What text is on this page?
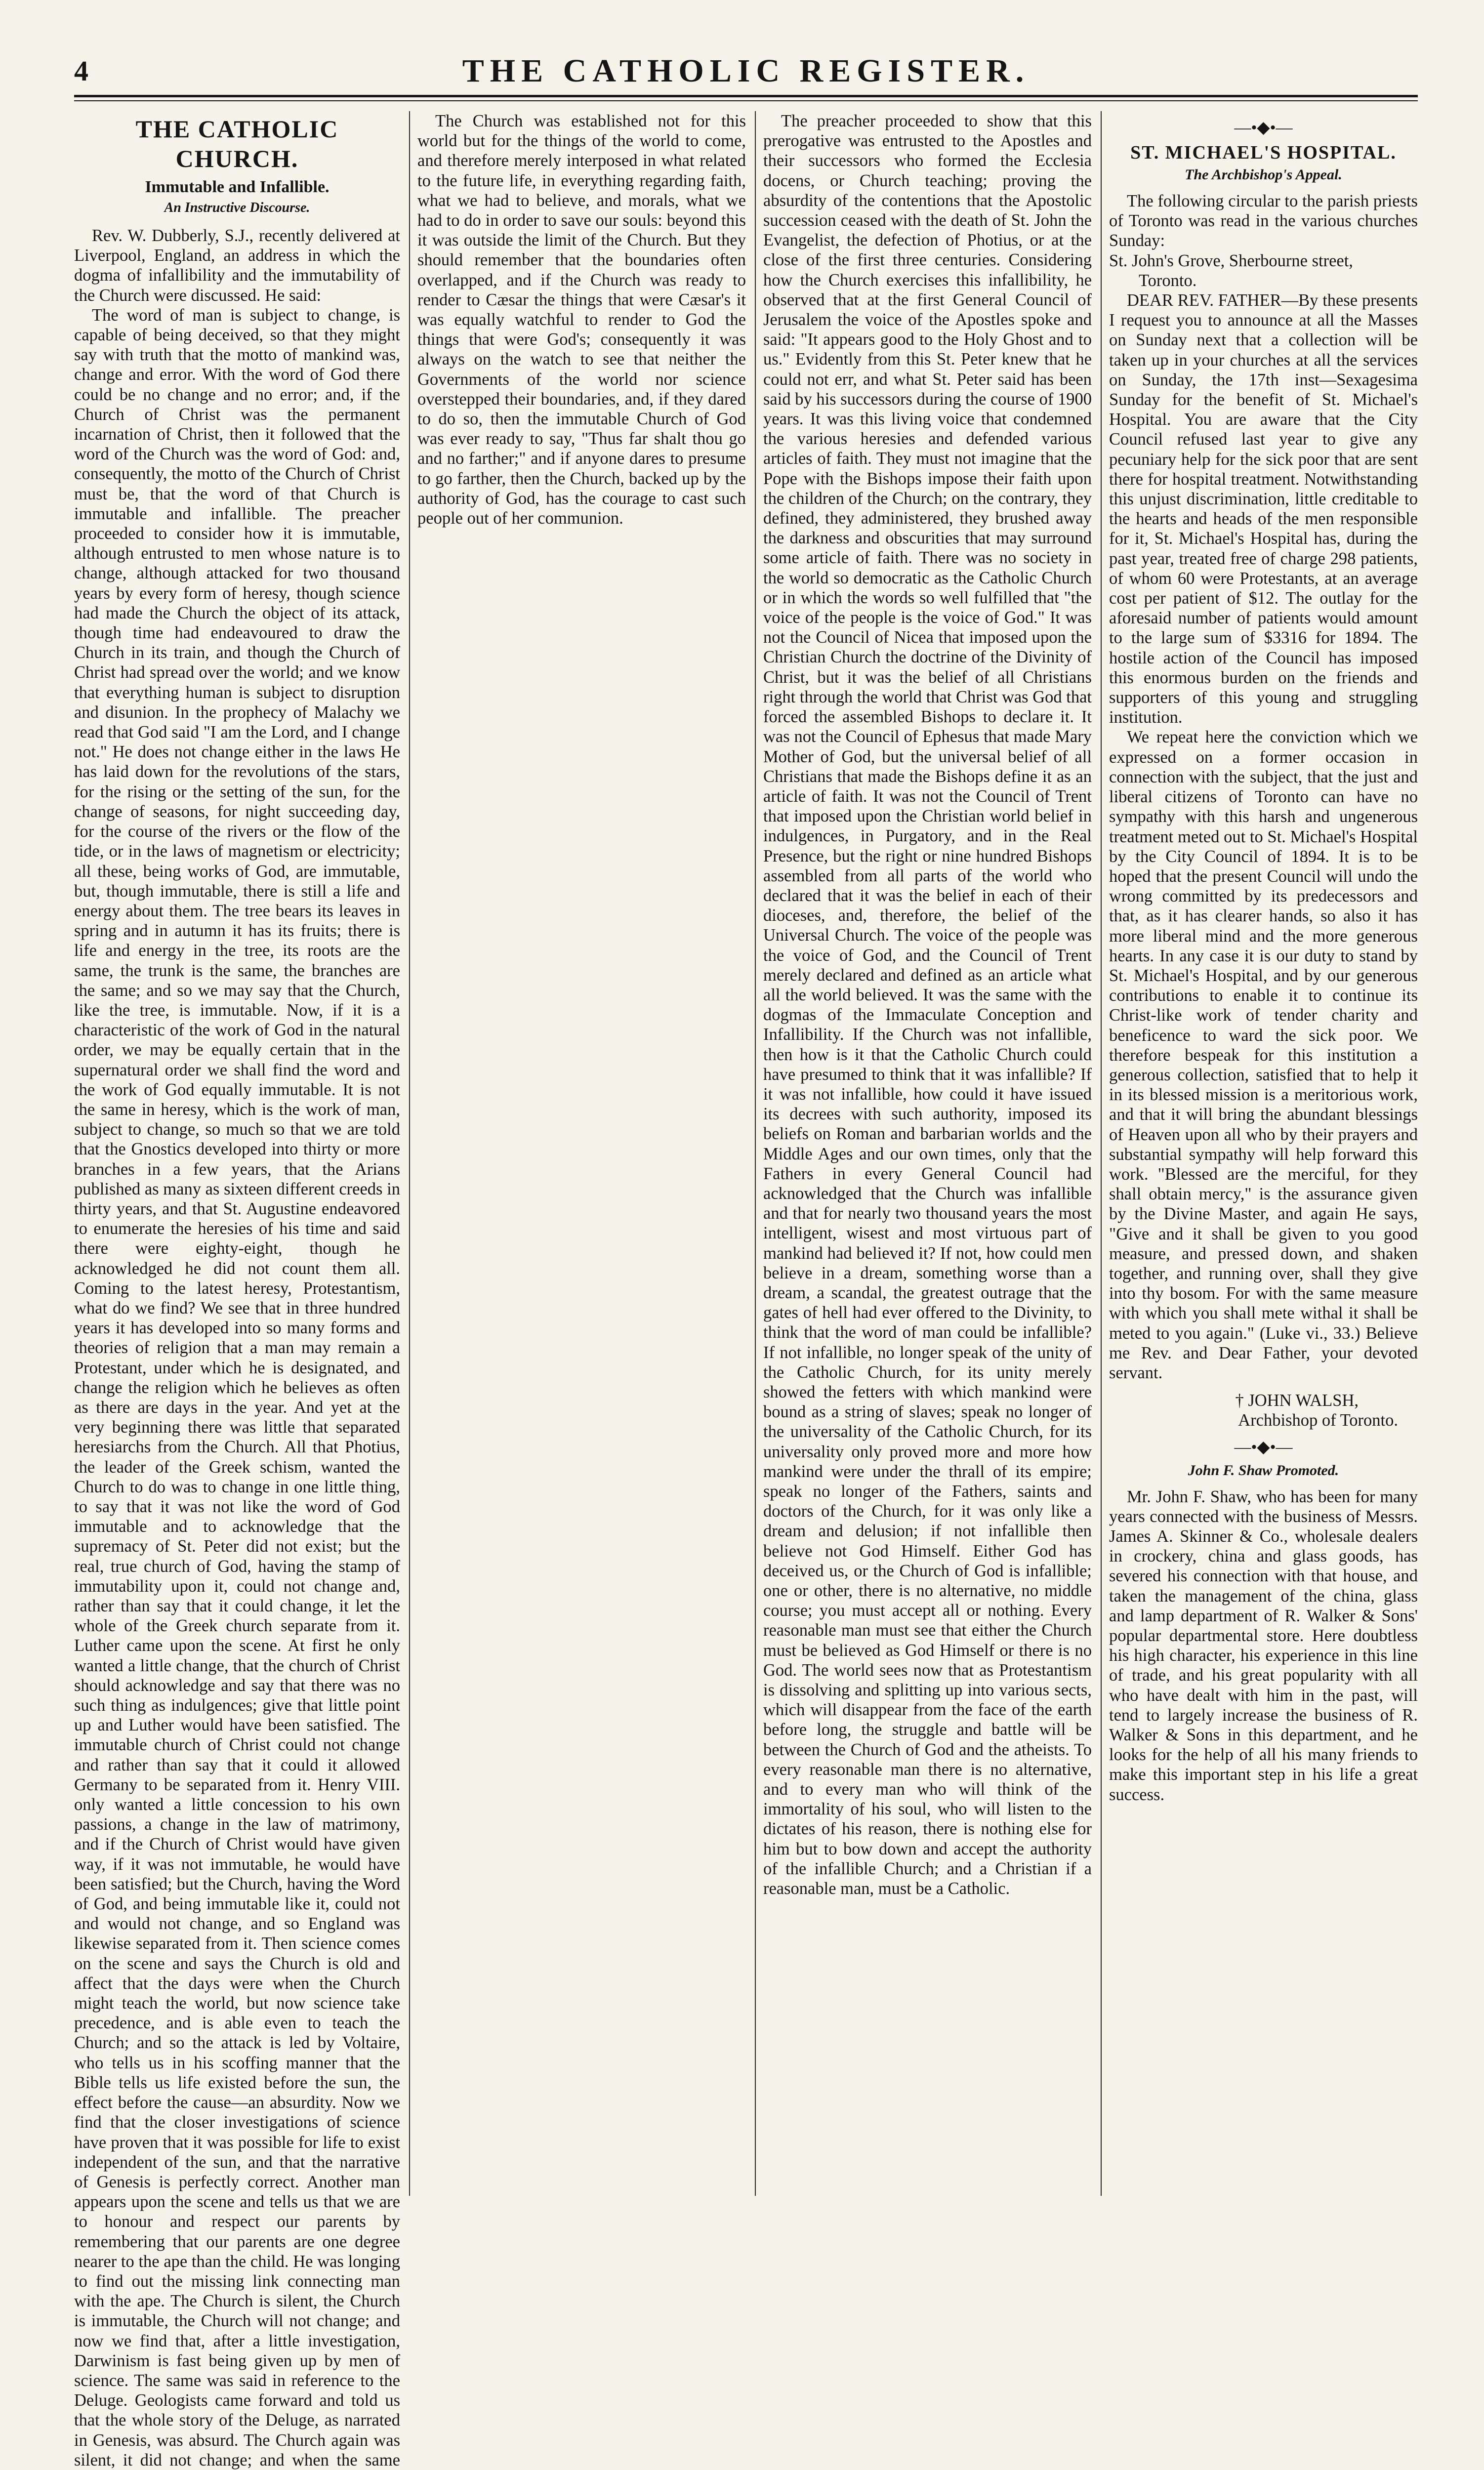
4	THE CATHOLIC REGISTER.
THE CATHOLIC CHURCH.
Immutable and Infallible.
An Instructive Discourse.

Rev. W. Dubberly, S.J., recently delivered at Liverpool, England, an address in which the dogma of infallibility and the immutability of the Church were discussed. He said:

The word of man is subject to change, is capable of being deceived, so that they might say with truth that the motto of mankind was, change and error. With the word of God there could be no change and no error; and, if the Church of Christ was the permanent incarnation of Christ, then it followed that the word of the Church was the word of God: and, consequently, the motto of the Church of Christ must be, that the word of that Church is immutable and infallible. The preacher proceeded to consider how it is immutable, although entrusted to men whose nature is to change, although attacked for two thousand years by every form of heresy, though science had made the Church the object of its attack, though time had endeavoured to draw the Church in its train, and though the Church of Christ had spread over the world; and we know that everything human is subject to disruption and disunion. In the prophecy of Malachy we read that God said "I am the Lord, and I change not." He does not change either in the laws He has laid down for the revolutions of the stars, for the rising or the setting of the sun, for the change of seasons, for night succeeding day, for the course of the rivers or the flow of the tide, or in the laws of magnetism or electricity; all these, being works of God, are immutable, but, though immutable, there is still a life and energy about them. The tree bears its leaves in spring and in autumn it has its fruits; there is life and energy in the tree, its roots are the same, the trunk is the same, the branches are the same; and so we may say that the Church, like the tree, is immutable. Now, if it is a characteristic of the work of God in the natural order, we may be equally certain that in the supernatural order we shall find the word and the work of God equally immutable. It is not the same in heresy, which is the work of man, subject to change, so much so that we are told that the Gnostics developed into thirty or more branches in a few years, that the Arians published as many as sixteen different creeds in thirty years, and that St. Augustine endeavored to enumerate the heresies of his time and said there were eighty-eight, though he acknowledged he did not count them all. Coming to the latest heresy, Protestantism, what do we find? We see that in three hundred years it has developed into so many forms and theories of religion that a man may remain a Protestant, under which he is designated, and change the religion which he believes as often as there are days in the year. And yet at the very beginning there was little that separated heresiarchs from the Church. All that Photius, the leader of the Greek schism, wanted the Church to do was to change in one little thing, to say that it was not like the word of God immutable and to acknowledge that the supremacy of St. Peter did not exist; but the real, true church of God, having the stamp of immutability upon it, could not change and, rather than say that it could change, it let the whole of the Greek church separate from it. Luther came upon the scene. At first he only wanted a little change, that the church of Christ should acknowledge and say that there was no such thing as indulgences; give that little point up and Luther would have been satisfied. The immutable church of Christ could not change and rather than say that it could it allowed Germany to be separated from it. Henry VIII. only wanted a little concession to his own passions, a change in the law of matrimony, and if the Church of Christ would have given way, if it was not immutable, he would have been satisfied; but the Church, having the Word of God, and being immutable like it, could not and would not change, and so England was likewise separated from it. Then science comes on the scene and says the Church is old and affect that the days were when the Church might teach the world, but now science take precedence, and is able even to teach the Church; and so the attack is led by Voltaire, who tells us in his scoffing manner that the Bible tells us life existed before the sun, the effect before the cause—an absurdity. Now we find that the closer investigations of science have proven that it was possible for life to exist independent of the sun, and that the narrative of Genesis is perfectly correct. Another man appears upon the scene and tells us that we are to honour and respect our parents by remembering that our parents are one degree nearer to the ape than the child. He was longing to find out the missing link connecting man with the ape. The Church is silent, the Church is immutable, the Church will not change; and now we find that, after a little investigation, Darwinism is fast being given up by men of science. The same was said in reference to the Deluge. Geologists came forward and told us that the whole story of the Deluge, as narrated in Genesis, was absurd. The Church again was silent, it did not change; and when the same

The Church was established not for this world but for the things of the world to come, and therefore merely interposed in what related to the future life, in everything regarding faith, what we had to believe, and morals, what we had to do in order to save our souls: beyond this it was outside the limit of the Church. But they should remember that the boundaries often overlapped, and if the Church was ready to render to Cæsar the things that were Cæsar's it was equally watchful to render to God the things that were God's; consequently it was always on the watch to see that neither the Governments of the world nor science overstepped their boundaries, and, if they dared to do so, then the immutable Church of God was ever ready to say, "Thus far shalt thou go and no farther;" and if anyone dares to presume to go farther, then the Church, backed up by the authority of God, has the courage to cast such people out of her communion.

The preacher proceeded to show that this prerogative was entrusted to the Apostles and their successors who formed the Ecclesia docens, or Church teaching; proving the absurdity of the contentions that the Apostolic succession ceased with the death of St. John the Evangelist, the defection of Photius, or at the close of the first three centuries. Considering how the Church exercises this infallibility, he observed that at the first General Council of Jerusalem the voice of the Apostles spoke and said: "It appears good to the Holy Ghost and to us." Evidently from this St. Peter knew that he could not err, and what St. Peter said has been said by his successors during the course of 1900 years. It was this living voice that condemned the various heresies and defended various articles of faith. They must not imagine that the Pope with the Bishops impose their faith upon the children of the Church; on the contrary, they defined, they administered, they brushed away the darkness and obscurities that may surround some article of faith. There was no society in the world so democratic as the Catholic Church or in which the words so well fulfilled that "the voice of the people is the voice of God." It was not the Council of Nicea that imposed upon the Christian Church the doctrine of the Divinity of Christ, but it was the belief of all Christians right through the world that Christ was God that forced the assembled Bishops to declare it. It was not the Council of Ephesus that made Mary Mother of God, but the universal belief of all Christians that made the Bishops define it as an article of faith. It was not the Council of Trent that imposed upon the Christian world belief in indulgences, in Purgatory, and in the Real Presence, but the right or nine hundred Bishops assembled from all parts of the world who declared that it was the belief in each of their dioceses, and, therefore, the belief of the Universal Church. The voice of the people was the voice of God, and the Council of Trent merely declared and defined as an article what all the world believed. It was the same with the dogmas of the Immaculate Conception and Infallibility. If the Church was not infallible, then how is it that the Catholic Church could have presumed to think that it was infallible? If it was not infallible, how could it have issued its decrees with such authority, imposed its beliefs on Roman and barbarian worlds and the Middle Ages and our own times, only that the Fathers in every General Council had acknowledged that the Church was infallible and that for nearly two thousand years the most intelligent, wisest and most virtuous part of mankind had believed it? If not, how could men believe in a dream, something worse than a dream, a scandal, the greatest outrage that the gates of hell had ever offered to the Divinity, to think that the word of man could be infallible? If not infallible, no longer speak of the unity of the Catholic Church, for its unity merely showed the fetters with which mankind were bound as a string of slaves; speak no longer of the universality of the Catholic Church, for its universality only proved more and more how mankind were under the thrall of its empire; speak no longer of the Fathers, saints and doctors of the Church, for it was only like a dream and delusion; if not infallible then believe not God Himself. Either God has deceived us, or the Church of God is infallible; one or other, there is no alternative, no middle course; you must accept all or nothing. Every reasonable man must see that either the Church must be believed as God Himself or there is no God. The world sees now that as Protestantism is dissolving and splitting up into various sects, which will disappear from the face of the earth before long, the struggle and battle will be between the Church of God and the atheists. To every reasonable man there is no alternative, and to every man who will think of the immortality of his soul, who will listen to the dictates of his reason, there is nothing else for him but to bow down and accept the authority of the infallible Church; and a Christian if a reasonable man, must be a Catholic.

—•◆•—
ST. MICHAEL'S HOSPITAL.
The Archbishop's Appeal.

The following circular to the parish priests of Toronto was read in the various churches Sunday:

St. John's Grove, Sherbourne street,

Toronto.

DEAR REV. FATHER—By these presents I request you to announce at all the Masses on Sunday next that a collection will be taken up in your churches at all the services on Sunday, the 17th inst—Sexagesima Sunday for the benefit of St. Michael's Hospital. You are aware that the City Council refused last year to give any pecuniary help for the sick poor that are sent there for hospital treatment. Notwithstanding this unjust discrimination, little creditable to the hearts and heads of the men responsible for it, St. Michael's Hospital has, during the past year, treated free of charge 298 patients, of whom 60 were Protestants, at an average cost per patient of $12. The outlay for the aforesaid number of patients would amount to the large sum of $3316 for 1894. The hostile action of the Council has imposed this enormous burden on the friends and supporters of this young and struggling institution.

We repeat here the conviction which we expressed on a former occasion in connection with the subject, that the just and liberal citizens of Toronto can have no sympathy with this harsh and ungenerous treatment meted out to St. Michael's Hospital by the City Council of 1894. It is to be hoped that the present Council will undo the wrong committed by its predecessors and that, as it has clearer hands, so also it has more liberal mind and the more generous hearts. In any case it is our duty to stand by St. Michael's Hospital, and by our generous contributions to enable it to continue its Christ-like work of tender charity and beneficence to ward the sick poor. We therefore bespeak for this institution a generous collection, satisfied that to help it in its blessed mission is a meritorious work, and that it will bring the abundant blessings of Heaven upon all who by their prayers and substantial sympathy will help forward this work. "Blessed are the merciful, for they shall obtain mercy," is the assurance given by the Divine Master, and again He says, "Give and it shall be given to you good measure, and pressed down, and shaken together, and running over, shall they give into thy bosom. For with the same measure with which you shall mete withal it shall be meted to you again." (Luke vi., 33.) Believe me Rev. and Dear Father, your devoted servant.

† JOHN WALSH,

Archbishop of Toronto.

—•◆•—
John F. Shaw Promoted.

Mr. John F. Shaw, who has been for many years connected with the business of Messrs. James A. Skinner & Co., wholesale dealers in crockery, china and glass goods, has severed his connection with that house, and taken the management of the china, glass and lamp department of R. Walker & Sons' popular departmental store. Here doubtless his high character, his experience in this line of trade, and his great popularity with all who have dealt with him in the past, will tend to largely increase the business of R. Walker & Sons in this department, and he looks for the help of all his many friends to make this important step in his life a great success.
